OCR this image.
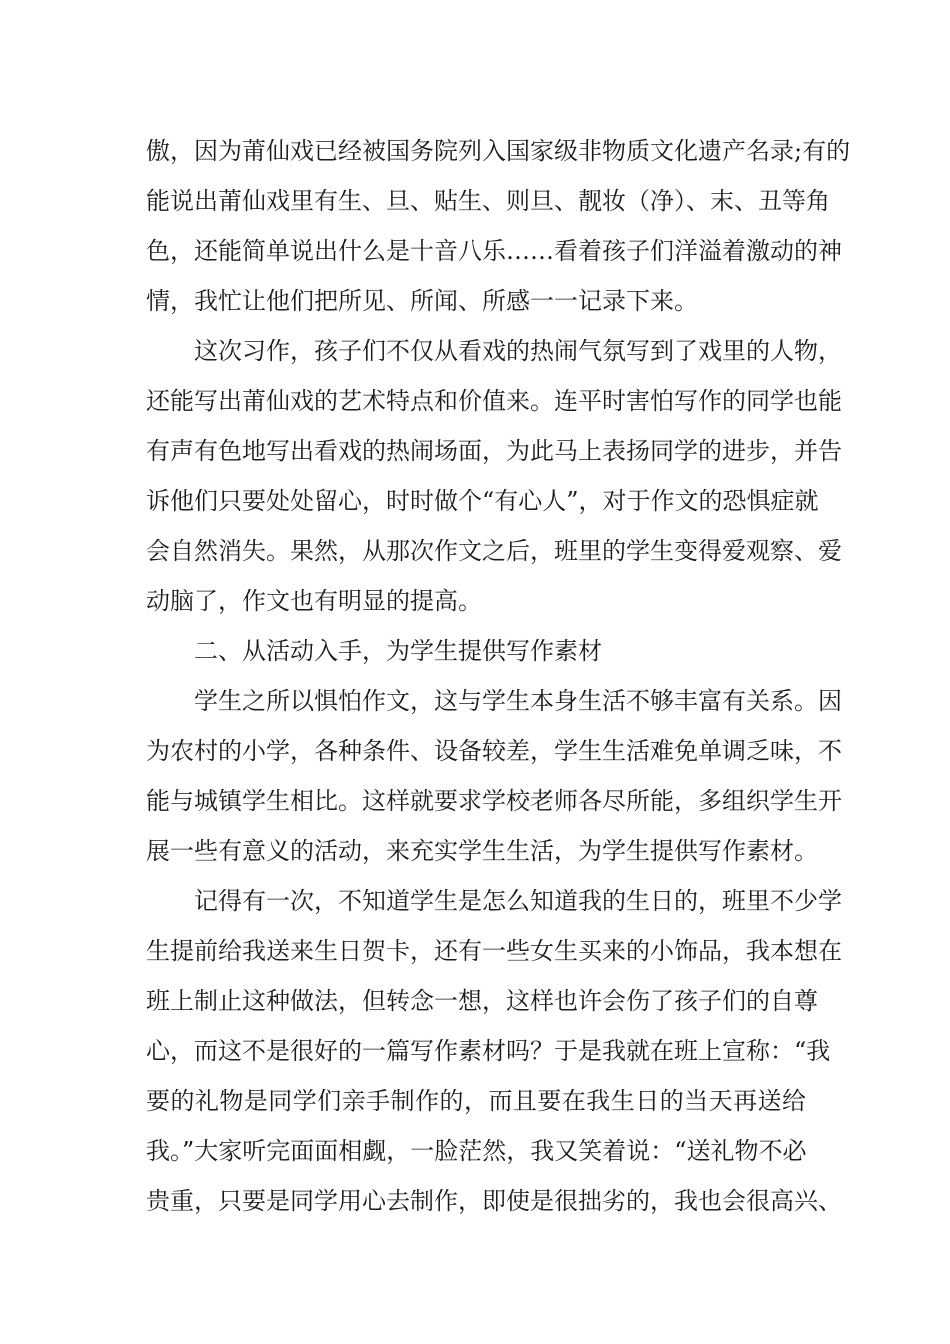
傲，因为莆仙戏已经被国务院列入国家级非物质文化遗产名录;有的
能说出莆仙戏里有生、旦、贴生、则旦、靓妆（净）、末、丑等角
色，还能简单说出什么是十音八乐……看着孩子们洋溢着激动的神
情，我忙让他们把所见、所闻、所感一一记录下来。
这次习作，孩子们不仅从看戏的热闹气氛写到了戏里的人物，
还能写出莆仙戏的艺术特点和价值来。连平时害怕写作的同学也能
有声有色地写出看戏的热闹场面，为此马上表扬同学的进步，并告
诉他们只要处处留心，时时做个“有心人”，对于作文的恐惧症就
会自然消失。果然，从那次作文之后，班里的学生变得爱观察、爱
动脑了，作文也有明显的提高。
二、从活动入手，为学生提供写作素材
学生之所以惧怕作文，这与学生本身生活不够丰富有关系。因
为农村的小学，各种条件、设备较差，学生生活难免单调乏味，不
能与城镇学生相比。这样就要求学校老师各尽所能，多组织学生开
展一些有意义的活动，来充实学生生活，为学生提供写作素材。
记得有一次，不知道学生是怎么知道我的生日的，班里不少学
生提前给我送来生日贺卡，还有一些女生买来的小饰品，我本想在
班上制止这种做法，但转念一想，这样也许会伤了孩子们的自尊
心，而这不是很好的一篇写作素材吗？于是我就在班上宣称：“我
要的礼物是同学们亲手制作的，而且要在我生日的当天再送给
我。”大家听完面面相觑，一脸茫然，我又笑着说：“送礼物不必
贵重，只要是同学用心去制作，即使是很拙劣的，我也会很高兴、
